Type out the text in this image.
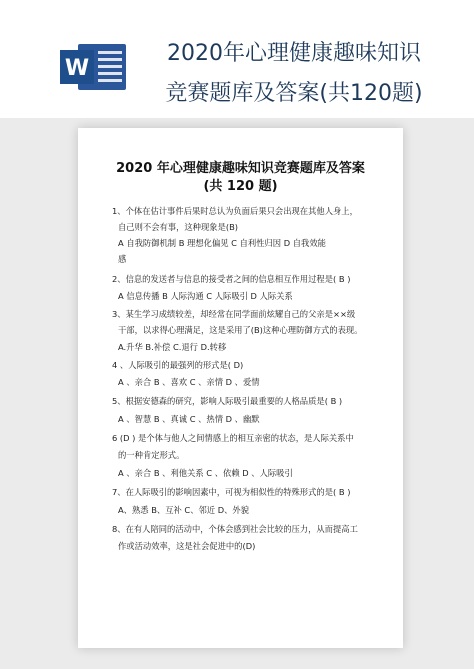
W
2020年心理健康趣味知识
竞赛题库及答案(共120题)
2020 年心理健康趣味知识竞赛题库及答案
(共 120 题)
1、个体在估计事件后果时总认为负面后果只会出现在其他人身上，
自己则不会有事，这种现象是(B)
A 自我防御机制 B 理想化偏见 C 自利性归因 D 自我效能
感
2、信息的发送者与信息的接受者之间的信息相互作用过程是( B )
A 信息传播 B 人际沟通 C 人际吸引 D 人际关系
3、某生学习成绩较差，却经常在同学面前炫耀自己的父亲是××级
干部，以求得心理满足，这是采用了(B)这种心理防御方式的表现。
A.升华 B.补偿 C.退行 D.转移
4 、人际吸引的最强列的形式是( D)
A 、亲合 B 、喜欢 C 、亲情 D 、爱情
5、根据安德森的研究，影响人际吸引最重要的人格品质是( B )
A 、智慧 B 、真诚 C 、热情 D 、幽默
6 (D ) 是个体与他人之间情感上的相互亲密的状态，是人际关系中
的一种肯定形式。
A 、亲合 B 、利他关系 C 、依赖 D 、人际吸引
7、在人际吸引的影响因素中，可视为相似性的特殊形式的是( B )
A、熟悉 B、互补 C、邻近 D、外貌
8、在有人陪同的活动中，个体会感到社会比较的压力，从而提高工
作或活动效率，这是社会促进中的(D)
